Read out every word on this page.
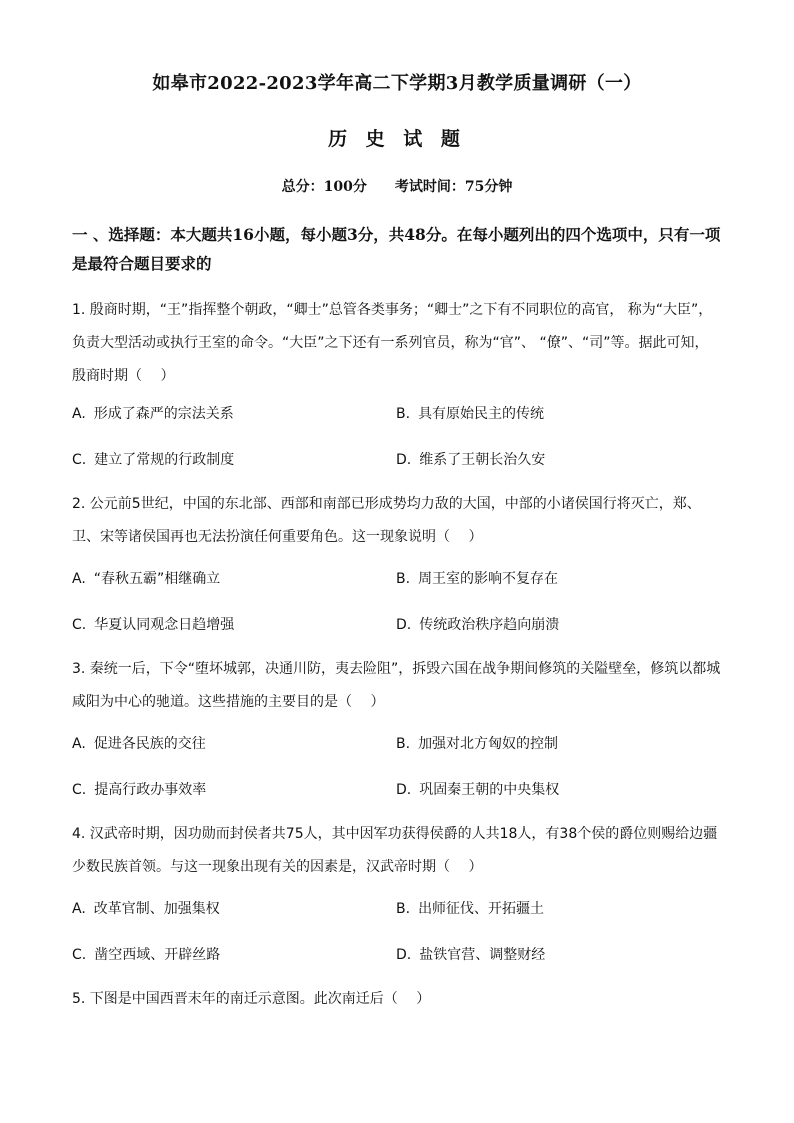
如皋市2022-2023学年高二下学期3月教学质量调研（一）
历 史 试 题
总分：100分 考试时间：75分钟
一 、选择题：本大题共16小题，每小题3分，共48分。在每小题列出的四个选项中，只有一项是最符合题目要求的
1. 殷商时期，“王”指挥整个朝政，“卿士”总管各类事务；“卿士”之下有不同职位的高官， 称为“大臣”，负责大型活动或执行王室的命令。“大臣”之下还有一系列官员，称为“官”、 “僚”、“司”等。据此可知，殷商时期（　 ）
A. 形成了森严的宗法关系	B. 具有原始民主的传统
C. 建立了常规的行政制度	D. 维系了王朝长治久安
2. 公元前5世纪，中国的东北部、西部和南部已形成势均力敌的大国，中部的小诸侯国行将灭亡，郑、卫、宋等诸侯国再也无法扮演任何重要角色。这一现象说明（　 ）
A. “春秋五霸”相继确立	B. 周王室的影响不复存在
C. 华夏认同观念日趋增强	D. 传统政治秩序趋向崩溃
3. 秦统一后，下令“堕坏城郭，决通川防，夷去险阻”，拆毁六国在战争期间修筑的关隘壁垒，修筑以都城咸阳为中心的驰道。这些措施的主要目的是（　 ）
A. 促进各民族的交往	B. 加强对北方匈奴的控制
C. 提高行政办事效率	D. 巩固秦王朝的中央集权
4. 汉武帝时期，因功勋而封侯者共75人，其中因军功获得侯爵的人共18人，有38个侯的爵位则赐给边疆少数民族首领。与这一现象出现有关的因素是，汉武帝时期（　 ）
A. 改革官制、加强集权	B. 出师征伐、开拓疆土
C. 凿空西域、开辟丝路	D. 盐铁官营、调整财经
5. 下图是中国西晋末年的南迁示意图。此次南迁后（　 ）
